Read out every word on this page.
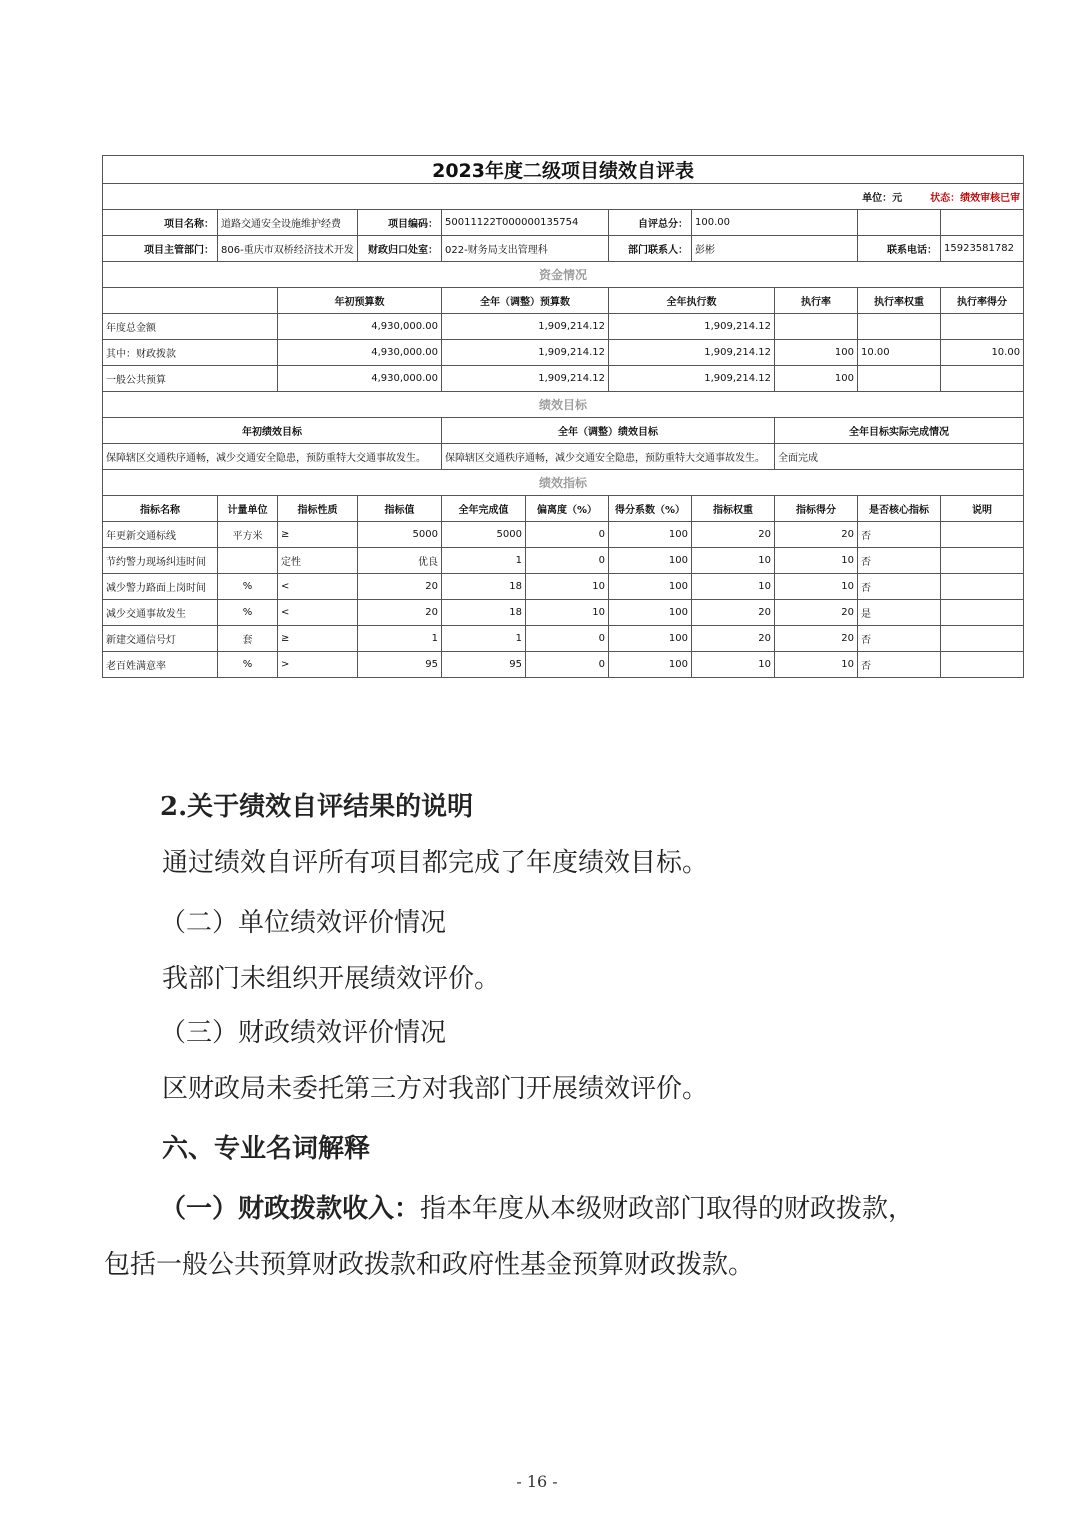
2023年度二级项目绩效自评表										
单位：元 状态：绩效审核已审										
项目名称：	道路交通安全设施维护经费		项目编码：	50011122T000000135754		自评总分：	100.00			
项目主管部门：	806-重庆市双桥经济技术开发		财政归口处室：	022-财务局支出管理科		部门联系人：	彭彬		联系电话：	15923581782
资金情况										
		年初预算数		全年（调整）预算数		全年执行数		执行率	执行率权重	执行率得分
年度总金额		4,930,000.00		1,909,214.12		1,909,214.12				
其中：财政拨款		4,930,000.00		1,909,214.12		1,909,214.12		100	10.00	10.00
一般公共预算		4,930,000.00		1,909,214.12		1,909,214.12		100		
绩效目标										
年初绩效目标				全年（调整）绩效目标				全年目标实际完成情况		
保障辖区交通秩序通畅，减少交通安全隐患，预防重特大交通事故发生。				保障辖区交通秩序通畅，减少交通安全隐患，预防重特大交通事故发生。				全面完成		
绩效指标										
指标名称	计量单位	指标性质	指标值	全年完成值	偏离度（%）	得分系数（%）	指标权重	指标得分	是否核心指标	说明
年更新交通标线	平方米	≥	5000	5000	0	100	20	20	否	
节约警力现场纠违时间		定性	优良	1	0	100	10	10	否	
减少警力路面上岗时间	%	<	20	18	10	100	10	10	否	
减少交通事故发生	%	<	20	18	10	100	20	20	是	
新建交通信号灯	套	≥	1	1	0	100	20	20	否	
老百姓满意率	%	>	95	95	0	100	10	10	否	
2.关于绩效自评结果的说明
通过绩效自评所有项目都完成了年度绩效目标。
（二）单位绩效评价情况
我部门未组织开展绩效评价。
（三）财政绩效评价情况
区财政局未委托第三方对我部门开展绩效评价。
六、专业名词解释
（一）财政拨款收入：指本年度从本级财政部门取得的财政拨款，
包括一般公共预算财政拨款和政府性基金预算财政拨款。
- 16 -
